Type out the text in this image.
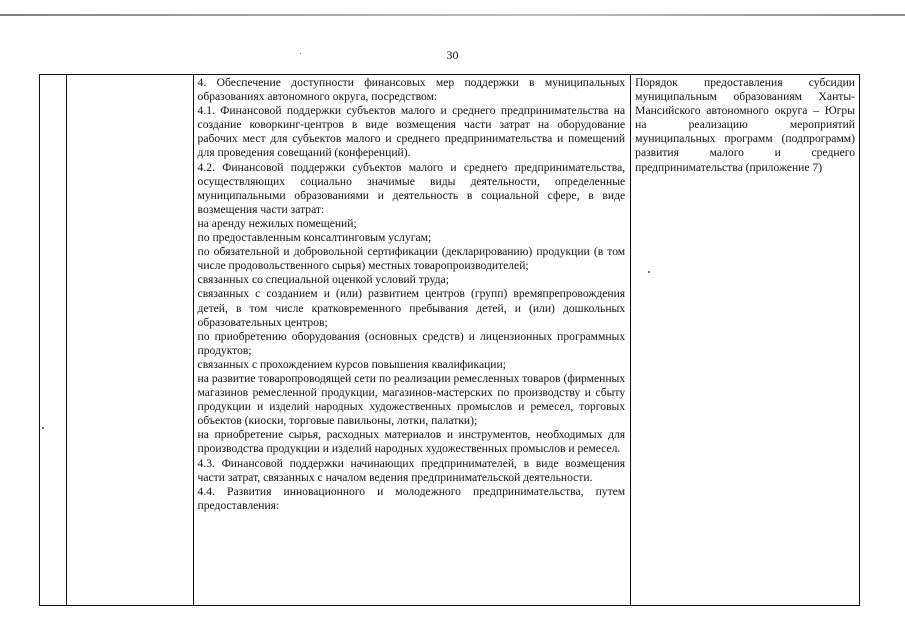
30

4. Обеспечение доступности финансовых мер поддержки в муниципальных образованиях автономного округа, посредством:

4.1. Финансовой поддержки субъектов малого и среднего предпринимательства на создание коворкинг-центров в виде возмещения части затрат на оборудование рабочих мест для субъектов малого и среднего предпринимательства и помещений для проведения совещаний (конференций).

4.2. Финансовой поддержки субъектов малого и среднего предпринимательства, осуществляющих социально значимые виды деятельности, определенные муниципальными образованиями и деятельность в социальной сфере, в виде возмещения части затрат:

на аренду нежилых помещений;

по предоставленным консалтинговым услугам;

по обязательной и добровольной сертификации (декларированию) продукции (в том числе продовольственного сырья) местных товаропроизводителей;

связанных со специальной оценкой условий труда;

связанных с созданием и (или) развитием центров (групп) времяпрепровождения детей, в том числе кратковременного пребывания детей, и (или) дошкольных образовательных центров;

по приобретению оборудования (основных средств) и лицензионных программных продуктов;

связанных с прохождением курсов повышения квалификации;

на развитие товаропроводящей сети по реализации ремесленных товаров (фирменных магазинов ремесленной продукции, магазинов-мастерских по производству и сбыту продукции и изделий народных художественных промыслов и ремесел, торговых объектов (киоски, торговые павильоны, лотки, палатки);

на приобретение сырья, расходных материалов и инструментов, необходимых для производства продукции и изделий народных художественных промыслов и ремесел.

4.3. Финансовой поддержки начинающих предпринимателей, в виде возмещения части затрат, связанных с началом ведения предпринимательской деятельности.

4.4. Развития инновационного и молодежного предпринимательства, путем предоставления:

Порядок предоставления субсидии муниципальным образованиям Ханты-Мансийского автономного округа – Югры на реализацию мероприятий муниципальных программ (подпрограмм) развития малого и среднего предпринимательства (приложение 7)
